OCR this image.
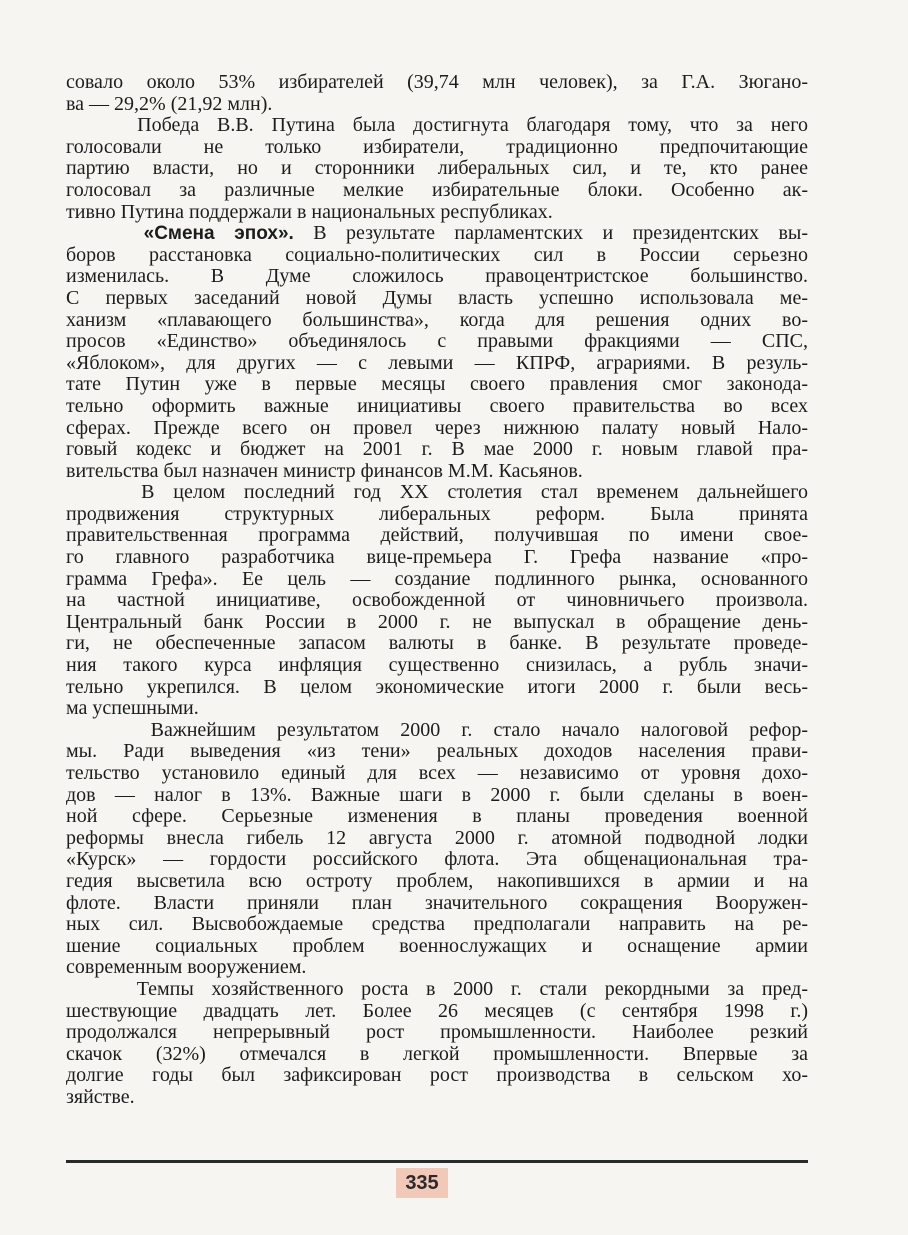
совало около 53% избирателей (39,74 млн человек), за Г.А. Зюгано-
ва — 29,2% (21,92 млн).
Победа В.В. Путина была достигнута благодаря тому, что за него
голосовали не только избиратели, традиционно предпочитающие
партию власти, но и сторонники либеральных сил, и те, кто ранее
голосовал за различные мелкие избирательные блоки. Особенно ак-
тивно Путина поддержали в национальных республиках.
«Смена эпох». В результате парламентских и президентских вы-
боров расстановка социально-политических сил в России серьезно
изменилась. В Думе сложилось правоцентристское большинство.
С первых заседаний новой Думы власть успешно использовала ме-
ханизм «плавающего большинства», когда для решения одних во-
просов «Единство» объединялось с правыми фракциями — СПС,
«Яблоком», для других — с левыми — КПРФ, аграриями. В резуль-
тате Путин уже в первые месяцы своего правления смог законода-
тельно оформить важные инициативы своего правительства во всех
сферах. Прежде всего он провел через нижнюю палату новый Нало-
говый кодекс и бюджет на 2001 г. В мае 2000 г. новым главой пра-
вительства был назначен министр финансов М.М. Касьянов.
В целом последний год XX столетия стал временем дальнейшего
продвижения структурных либеральных реформ. Была принята
правительственная программа действий, получившая по имени свое-
го главного разработчика вице-премьера Г. Грефа название «про-
грамма Грефа». Ее цель — создание подлинного рынка, основанного
на частной инициативе, освобожденной от чиновничьего произвола.
Центральный банк России в 2000 г. не выпускал в обращение день-
ги, не обеспеченные запасом валюты в банке. В результате проведе-
ния такого курса инфляция существенно снизилась, а рубль значи-
тельно укрепился. В целом экономические итоги 2000 г. были весь-
ма успешными.
Важнейшим результатом 2000 г. стало начало налоговой рефор-
мы. Ради выведения «из тени» реальных доходов населения прави-
тельство установило единый для всех — независимо от уровня дохо-
дов — налог в 13%. Важные шаги в 2000 г. были сделаны в воен-
ной сфере. Серьезные изменения в планы проведения военной
реформы внесла гибель 12 августа 2000 г. атомной подводной лодки
«Курск» — гордости российского флота. Эта общенациональная тра-
гедия высветила всю остроту проблем, накопившихся в армии и на
флоте. Власти приняли план значительного сокращения Вооружен-
ных сил. Высвобождаемые средства предполагали направить на ре-
шение социальных проблем военнослужащих и оснащение армии
современным вооружением.
Темпы хозяйственного роста в 2000 г. стали рекордными за пред-
шествующие двадцать лет. Более 26 месяцев (с сентября 1998 г.)
продолжался непрерывный рост промышленности. Наиболее резкий
скачок (32%) отмечался в легкой промышленности. Впервые за
долгие годы был зафиксирован рост производства в сельском хо-
зяйстве.
335
